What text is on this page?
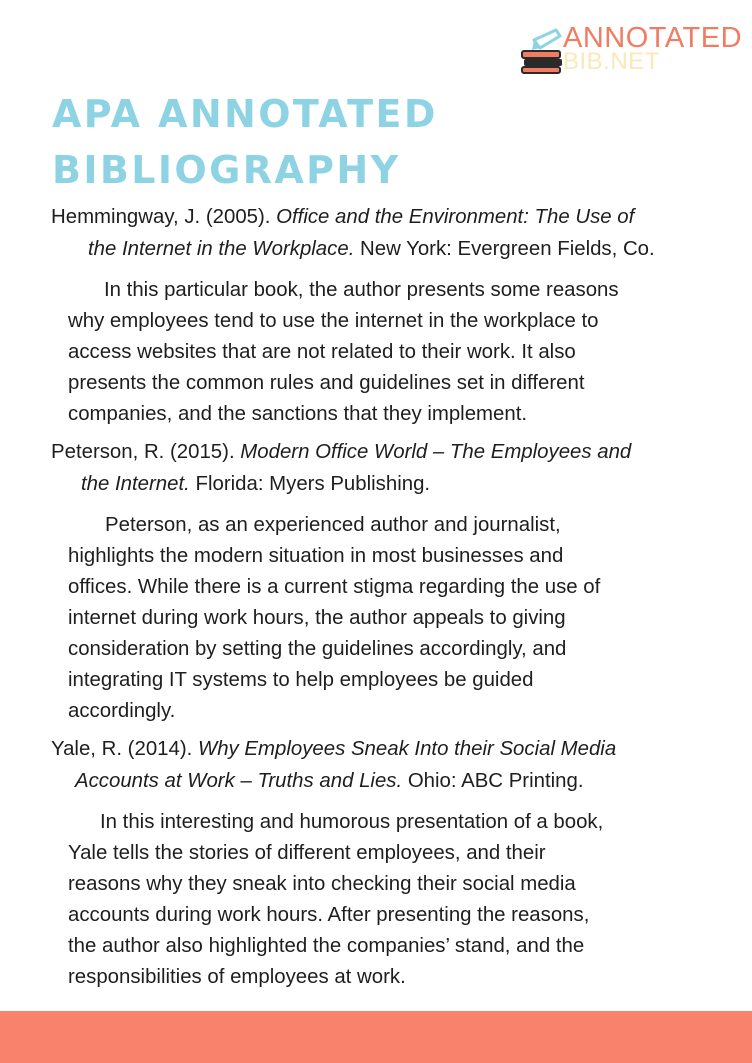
ANNOTATED
BIB.NET
APA ANNOTATED
BIBLIOGRAPHY

Hemmingway, J. (2005). Office and the Environment: The Use of
the Internet in the Workplace. New York: Evergreen Fields, Co.

In this particular book, the author presents some reasons
why employees tend to use the internet in the workplace to
access websites that are not related to their work. It also
presents the common rules and guidelines set in different
companies, and the sanctions that they implement.

Peterson, R. (2015). Modern Office World – The Employees and
the Internet. Florida: Myers Publishing.

Peterson, as an experienced author and journalist,
highlights the modern situation in most businesses and
offices. While there is a current stigma regarding the use of
internet during work hours, the author appeals to giving
consideration by setting the guidelines accordingly, and
integrating IT systems to help employees be guided
accordingly.

Yale, R. (2014). Why Employees Sneak Into their Social Media
Accounts at Work – Truths and Lies. Ohio: ABC Printing.

In this interesting and humorous presentation of a book,
Yale tells the stories of different employees, and their
reasons why they sneak into checking their social media
accounts during work hours. After presenting the reasons,
the author also highlighted the companies’ stand, and the
responsibilities of employees at work.
